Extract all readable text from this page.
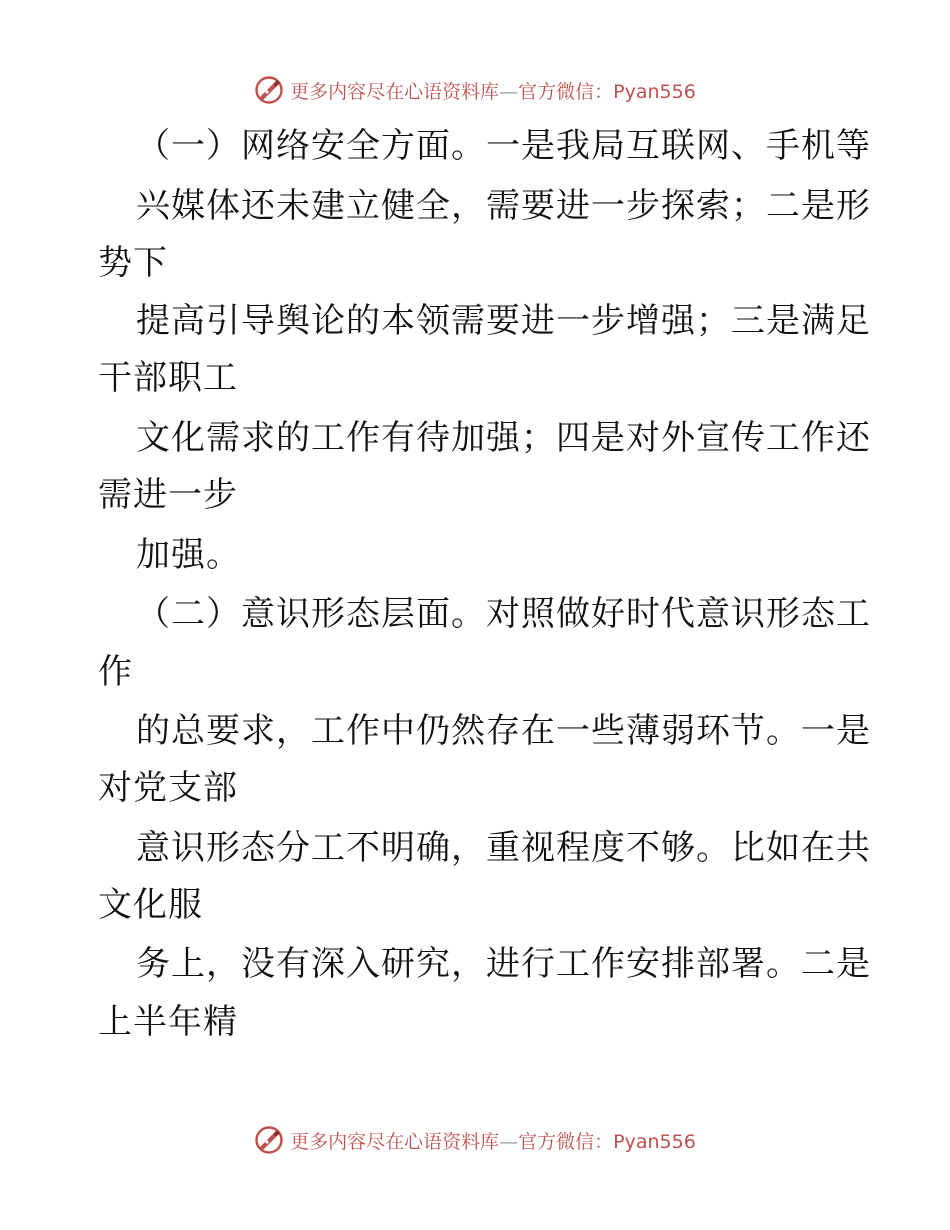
更多内容尽在心语资料库—官方微信：Pyan556
（一）网络安全方面。一是我局互联网、手机等
兴媒体还未建立健全，需要进一步探索；二是形
势下
提高引导舆论的本领需要进一步增强；三是满足
干部职工
文化需求的工作有待加强；四是对外宣传工作还
需进一步
加强。
（二）意识形态层面。对照做好时代意识形态工
作
的总要求，工作中仍然存在一些薄弱环节。一是
对党支部
意识形态分工不明确，重视程度不够。比如在共
文化服
务上，没有深入研究，进行工作安排部署。二是
上半年精
更多内容尽在心语资料库—官方微信：Pyan556
